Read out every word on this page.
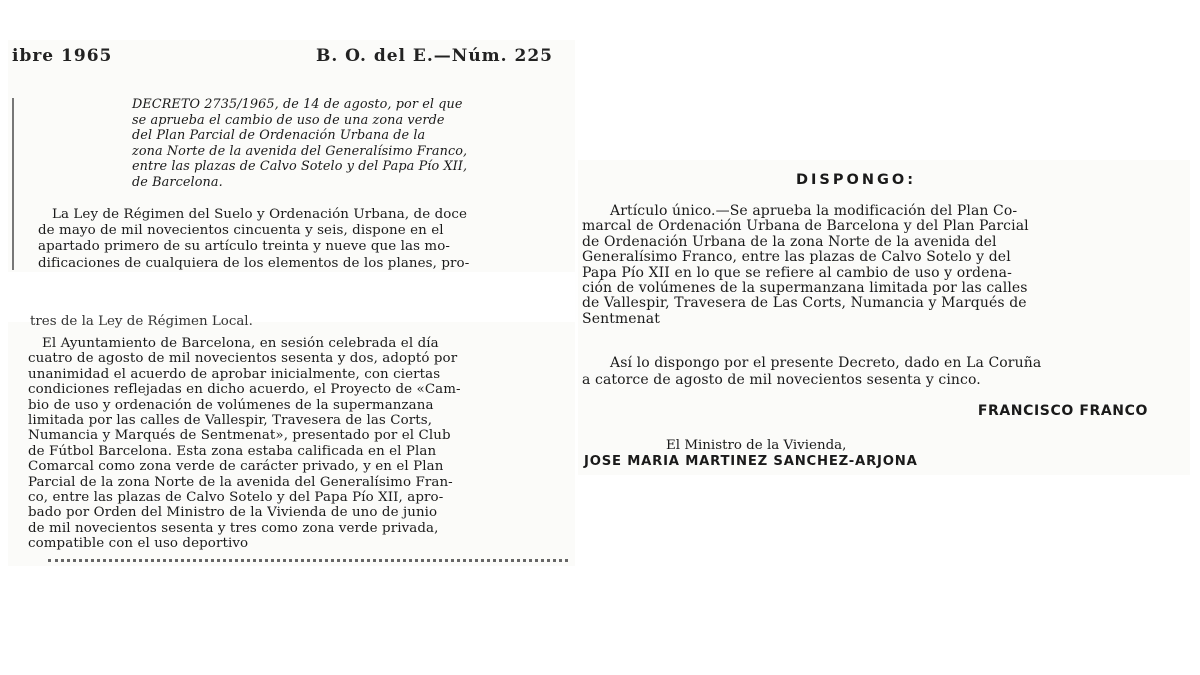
ibre 1965	B. O. del E.—Núm. 225
DECRETO 2735/1965, de 14 de agosto, por el que
se aprueba el cambio de uso de una zona verde
del Plan Parcial de Ordenación Urbana de la
zona Norte de la avenida del Generalísimo Franco,
entre las plazas de Calvo Sotelo y del Papa Pío XII,
de Barcelona.
La Ley de Régimen del Suelo y Ordenación Urbana, de doce
de mayo de mil novecientos cincuenta y seis, dispone en el
apartado primero de su artículo treinta y nueve que las mo-
dificaciones de cualquiera de los elementos de los planes, pro-
tres de la Ley de Régimen Local.
El Ayuntamiento de Barcelona, en sesión celebrada el día
cuatro de agosto de mil novecientos sesenta y dos, adoptó por
unanimidad el acuerdo de aprobar inicialmente, con ciertas
condiciones reflejadas en dicho acuerdo, el Proyecto de «Cam-
bio de uso y ordenación de volúmenes de la supermanzana
limitada por las calles de Vallespir, Travesera de las Corts,
Numancia y Marqués de Sentmenat», presentado por el Club
de Fútbol Barcelona. Esta zona estaba calificada en el Plan
Comarcal como zona verde de carácter privado, y en el Plan
Parcial de la zona Norte de la avenida del Generalísimo Fran-
co, entre las plazas de Calvo Sotelo y del Papa Pío XII, apro-
bado por Orden del Ministro de la Vivienda de uno de junio
de mil novecientos sesenta y tres como zona verde privada,
compatible con el uso deportivo
DISPONGO:
Artículo único.—Se aprueba la modificación del Plan Co-
marcal de Ordenación Urbana de Barcelona y del Plan Parcial
de Ordenación Urbana de la zona Norte de la avenida del
Generalísimo Franco, entre las plazas de Calvo Sotelo y del
Papa Pío XII en lo que se refiere al cambio de uso y ordena-
ción de volúmenes de la supermanzana limitada por las calles
de Vallespir, Travesera de Las Corts, Numancia y Marqués de
Sentmenat
Así lo dispongo por el presente Decreto, dado en La Coruña
a catorce de agosto de mil novecientos sesenta y cinco.
FRANCISCO FRANCO
El Ministro de la Vivienda,
JOSE MARIA MARTINEZ SANCHEZ-ARJONA
